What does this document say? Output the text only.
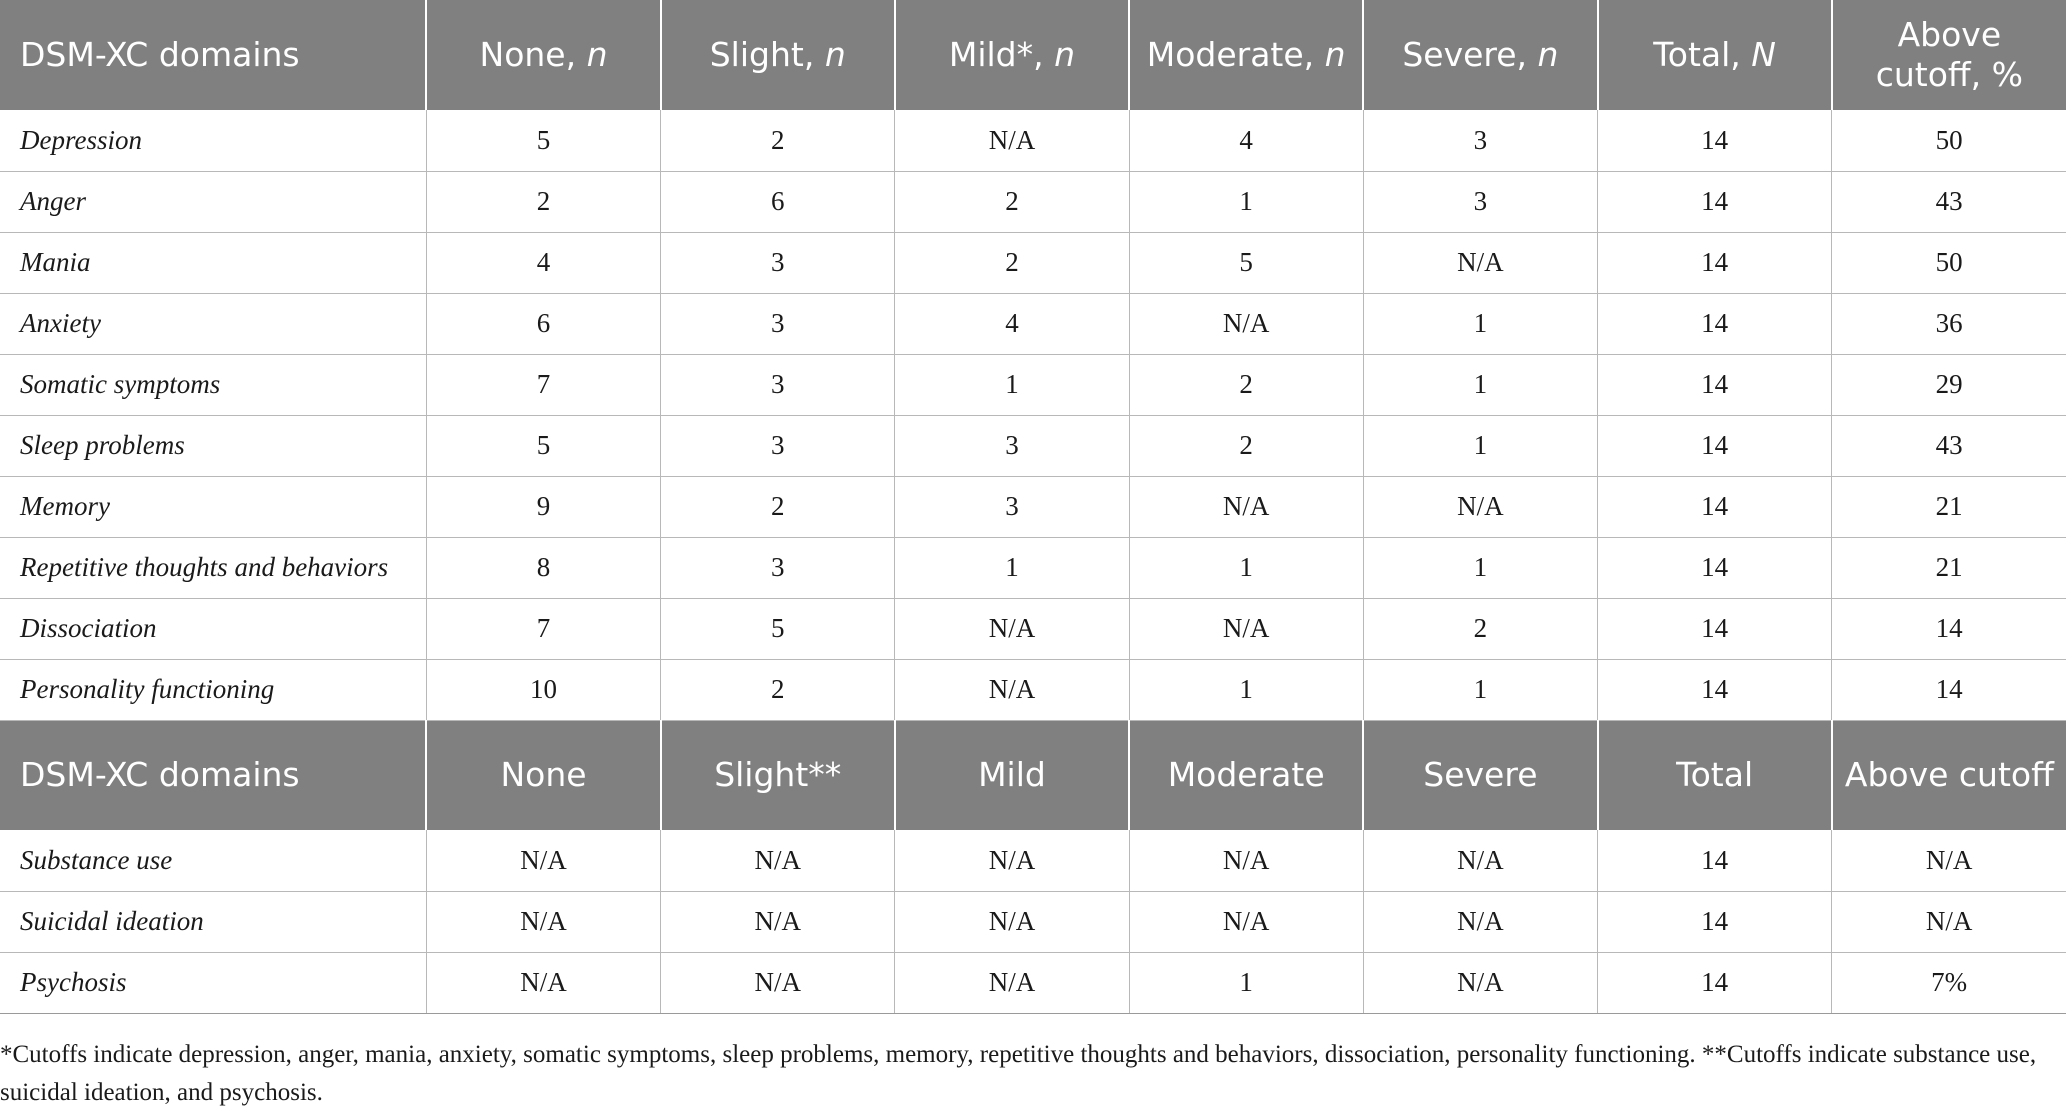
DSM-XC domains	None, n	Slight, n	Mild*, n	Moderate, n	Severe, n	Total, N	Above cutoff, %
Depression	5	2	N/A	4	3	14	50
Anger	2	6	2	1	3	14	43
Mania	4	3	2	5	N/A	14	50
Anxiety	6	3	4	N/A	1	14	36
Somatic symptoms	7	3	1	2	1	14	29
Sleep problems	5	3	3	2	1	14	43
Memory	9	2	3	N/A	N/A	14	21
Repetitive thoughts and behaviors	8	3	1	1	1	14	21
Dissociation	7	5	N/A	N/A	2	14	14
Personality functioning	10	2	N/A	1	1	14	14
DSM-XC domains	None	Slight**	Mild	Moderate	Severe	Total	Above cutoff
Substance use	N/A	N/A	N/A	N/A	N/A	14	N/A
Suicidal ideation	N/A	N/A	N/A	N/A	N/A	14	N/A
Psychosis	N/A	N/A	N/A	1	N/A	14	7%
*Cutoffs indicate depression, anger, mania, anxiety, somatic symptoms, sleep problems, memory, repetitive thoughts and behaviors, dissociation, personality functioning. **Cutoffs indicate substance use, suicidal ideation, and psychosis.
